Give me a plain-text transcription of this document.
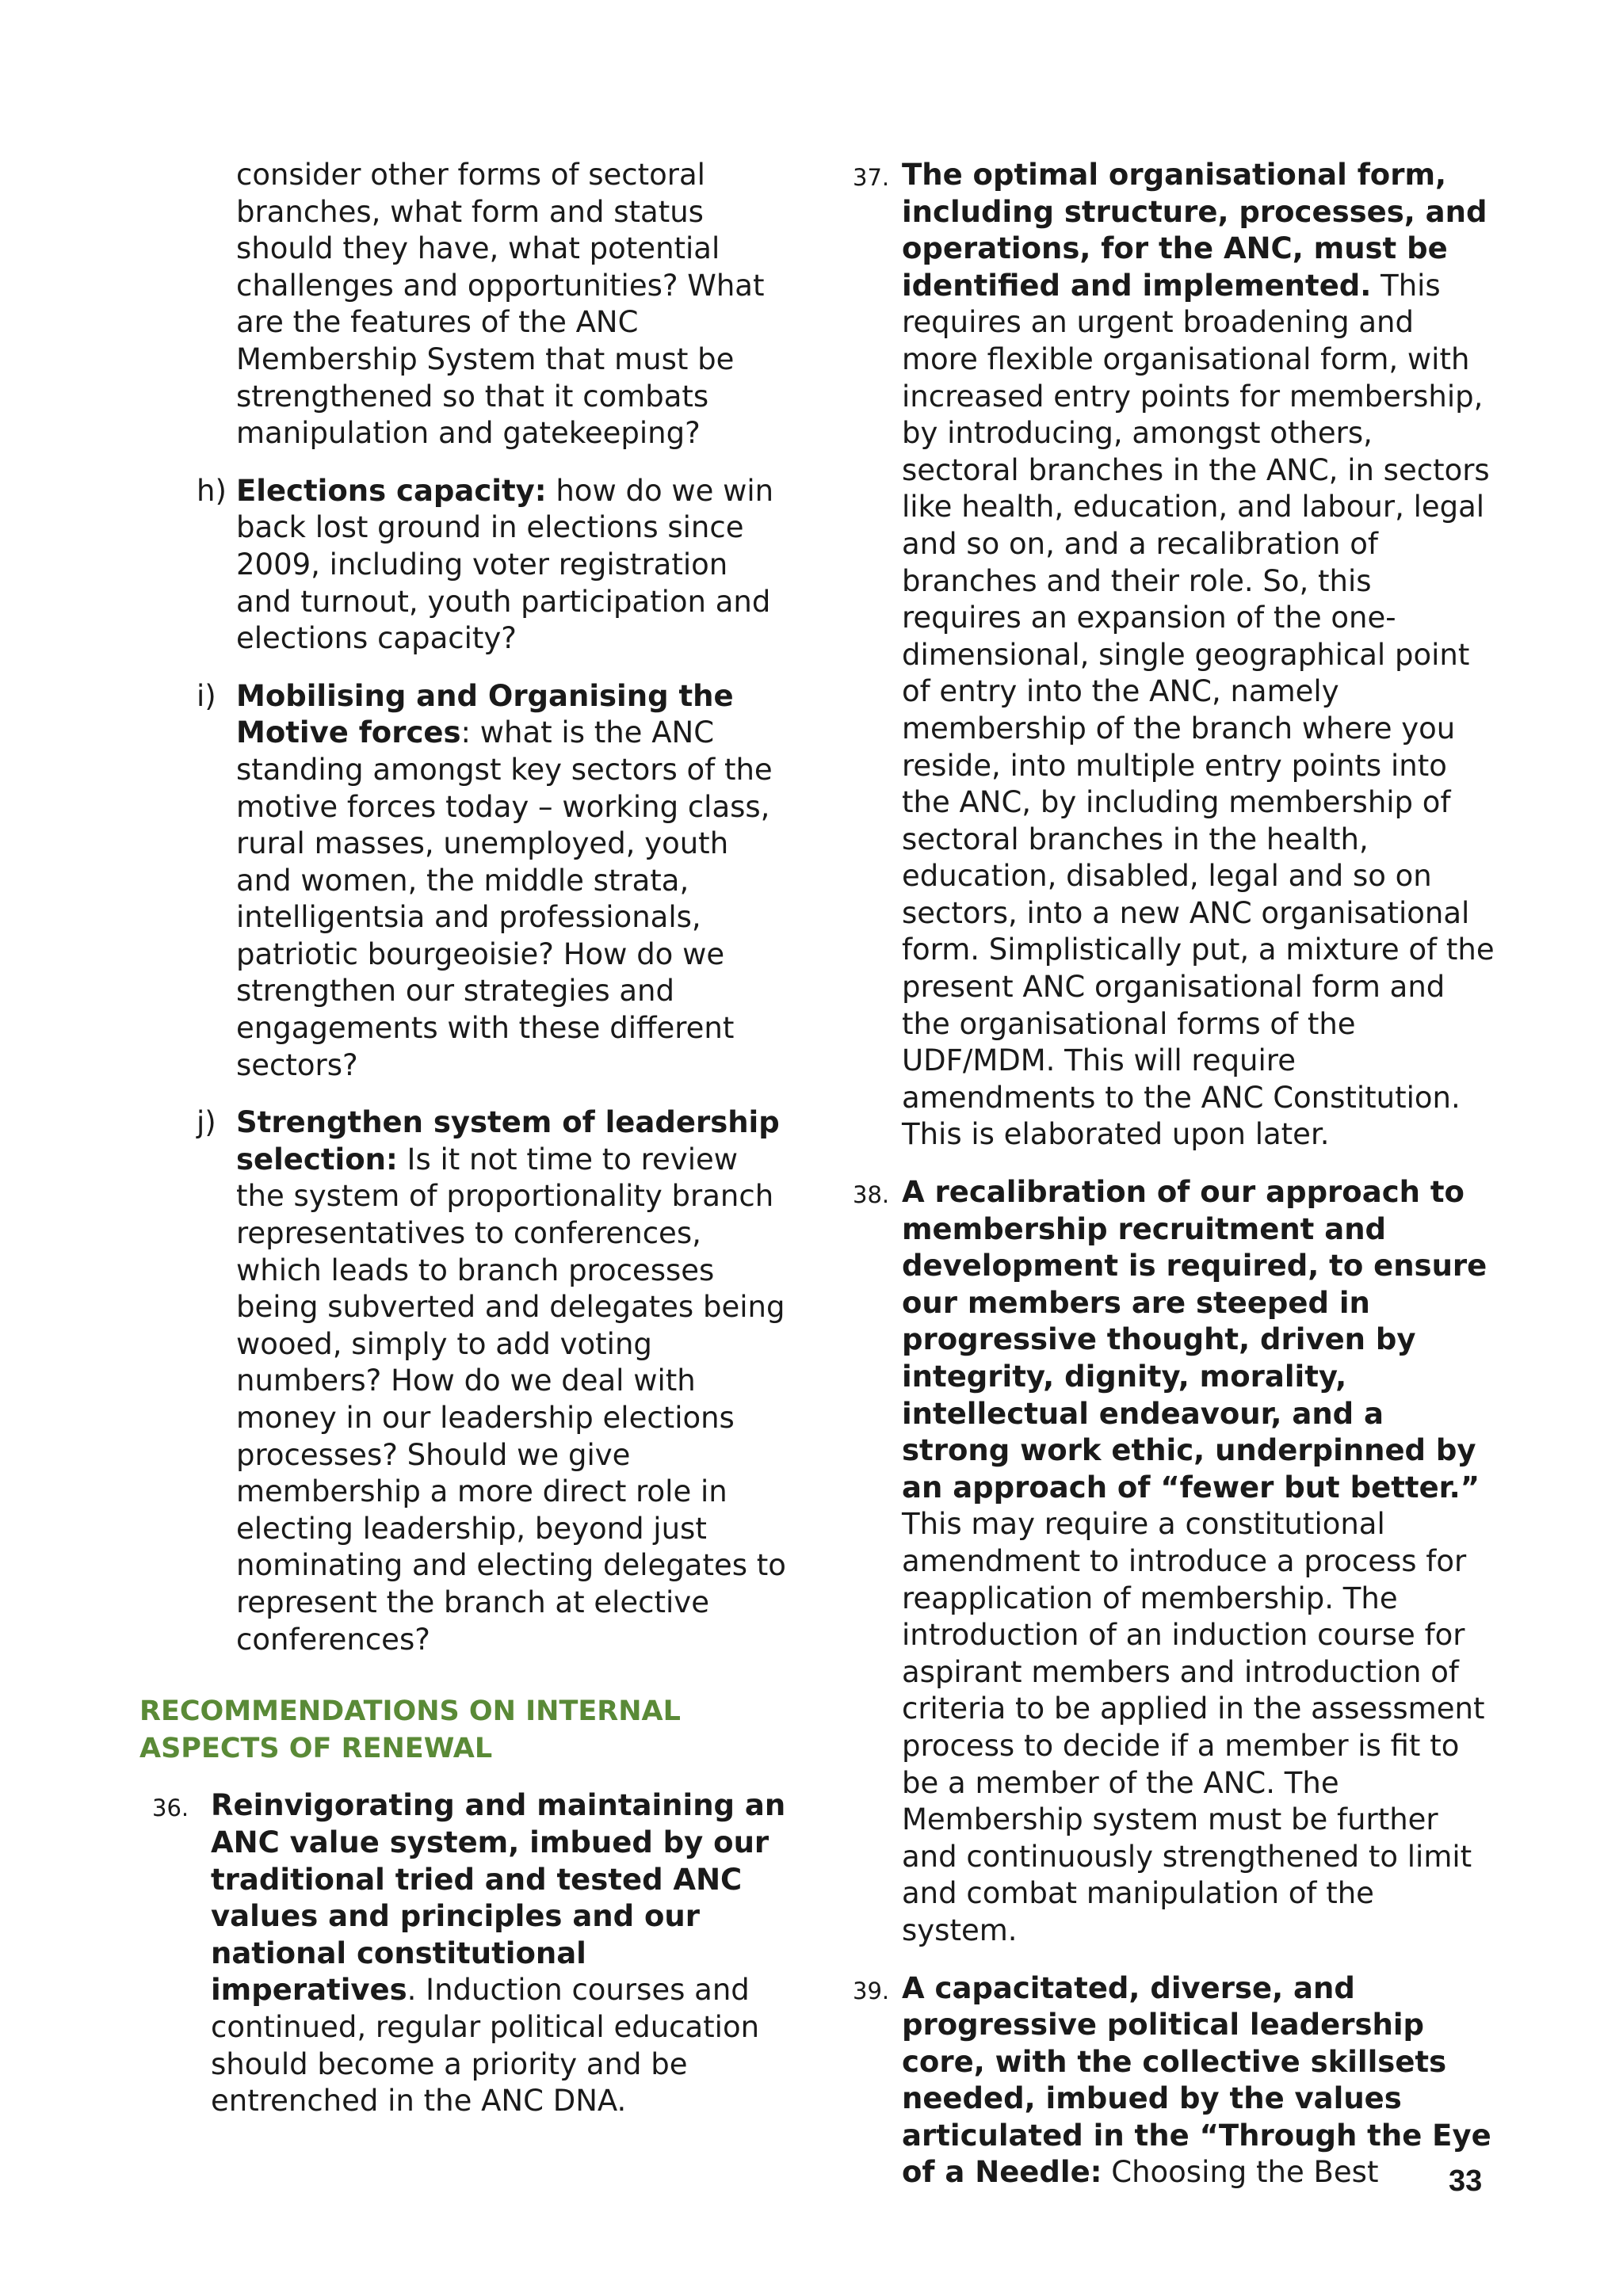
consider other forms of sectoral branches, what form and status should they have, what potential challenges and opportunities? What are the features of the ANC Membership System that must be strengthened so that it combats manipulation and gatekeeping?

h) Elections capacity: how do we win back lost ground in elections since 2009, including voter registration and turnout, youth participation and elections capacity?

i) Mobilising and Organising the Motive forces: what is the ANC standing amongst key sectors of the motive forces today – working class, rural masses, unemployed, youth and women, the middle strata, intelligentsia and professionals, patriotic bourgeoisie? How do we strengthen our strategies and engagements with these different sectors?

j) Strengthen system of leadership selection: Is it not time to review the system of proportionality branch representatives to conferences, which leads to branch processes being subverted and delegates being wooed, simply to add voting numbers? How do we deal with money in our leadership elections processes? Should we give membership a more direct role in electing leadership, beyond just nominating and electing delegates to represent the branch at elective conferences?

RECOMMENDATIONS ON INTERNAL ASPECTS OF RENEWAL
36. Reinvigorating and maintaining an ANC value system, imbued by our traditional tried and tested ANC values and principles and our national constitutional imperatives. Induction courses and continued, regular political education should become a priority and be entrenched in the ANC DNA.

37. The optimal organisational form, including structure, processes, and operations, for the ANC, must be identified and implemented. This requires an urgent broadening and more flexible organisational form, with increased entry points for membership, by introducing, amongst others, sectoral branches in the ANC, in sectors like health, education, and labour, legal and so on, and a recalibration of branches and their role. So, this requires an expansion of the one-dimensional, single geographical point of entry into the ANC, namely membership of the branch where you reside, into multiple entry points into the ANC, by including membership of sectoral branches in the health, education, disabled, legal and so on sectors, into a new ANC organisational form. Simplistically put, a mixture of the present ANC organisational form and the organisational forms of the UDF/MDM. This will require amendments to the ANC Constitution. This is elaborated upon later.

38. A recalibration of our approach to membership recruitment and development is required, to ensure our members are steeped in progressive thought, driven by integrity, dignity, morality, intellectual endeavour, and a strong work ethic, underpinned by an approach of “fewer but better.” This may require a constitutional amendment to introduce a process for reapplication of membership. The introduction of an induction course for aspirant members and introduction of criteria to be applied in the assessment process to decide if a member is fit to be a member of the ANC. The Membership system must be further and continuously strengthened to limit and combat manipulation of the system.

39. A capacitated, diverse, and progressive political leadership core, with the collective skillsets needed, imbued by the values articulated in the “Through the Eye of a Needle: Choosing the Best	33
